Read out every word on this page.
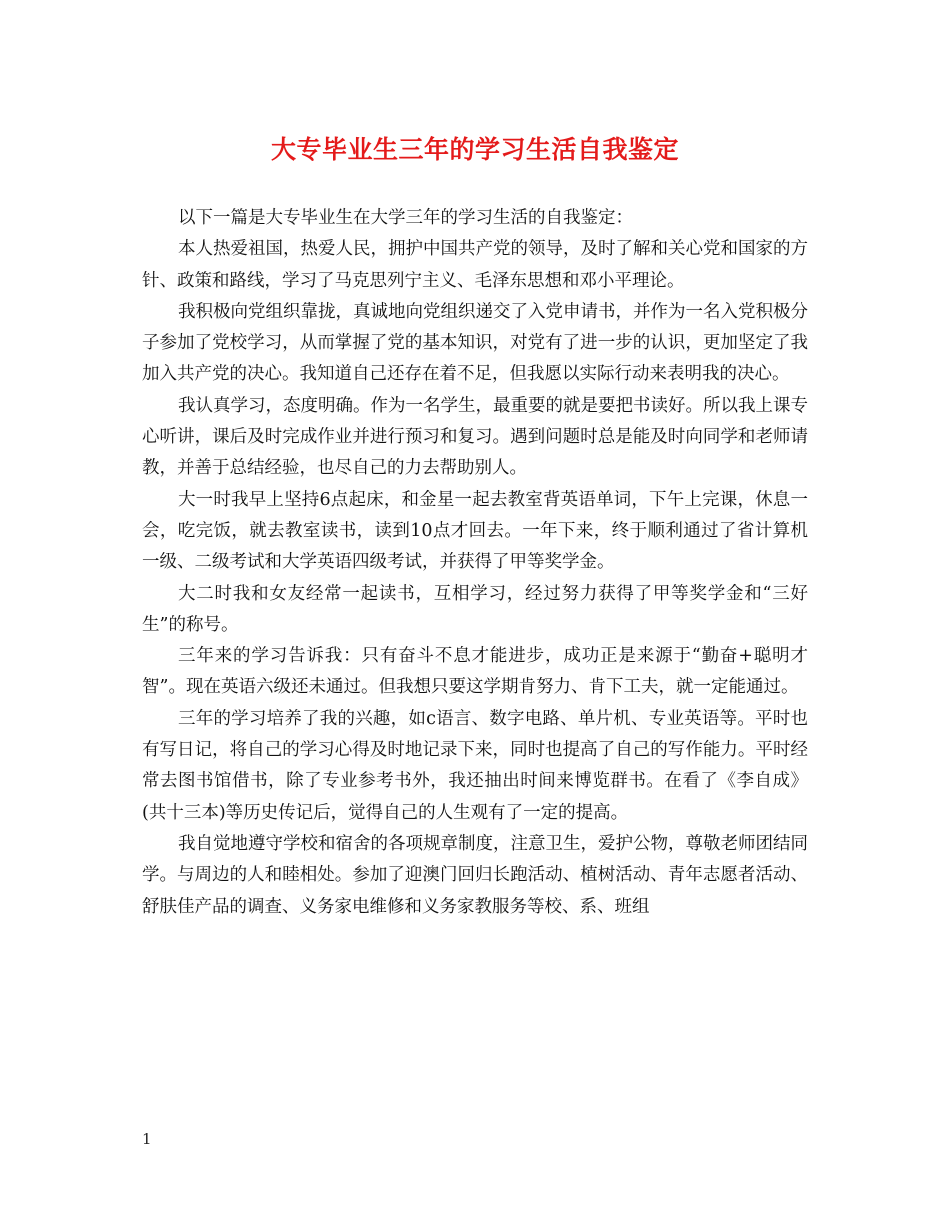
大专毕业生三年的学习生活自我鉴定

以下一篇是大专毕业生在大学三年的学习生活的自我鉴定：

本人热爱祖国，热爱人民，拥护中国共产党的领导，及时了解和关心党和国家的方针、政策和路线，学习了马克思列宁主义、毛泽东思想和邓小平理论。

我积极向党组织靠拢，真诚地向党组织递交了入党申请书，并作为一名入党积极分子参加了党校学习，从而掌握了党的基本知识，对党有了进一步的认识，更加坚定了我加入共产党的决心。我知道自己还存在着不足，但我愿以实际行动来表明我的决心。

我认真学习，态度明确。作为一名学生，最重要的就是要把书读好。所以我上课专心听讲，课后及时完成作业并进行预习和复习。遇到问题时总是能及时向同学和老师请教，并善于总结经验，也尽自己的力去帮助别人。

大一时我早上坚持6点起床，和金星一起去教室背英语单词，下午上完课，休息一会，吃完饭，就去教室读书，读到10点才回去。一年下来，终于顺利通过了省计算机一级、二级考试和大学英语四级考试，并获得了甲等奖学金。

大二时我和女友经常一起读书，互相学习，经过努力获得了甲等奖学金和“三好生”的称号。

三年来的学习告诉我：只有奋斗不息才能进步，成功正是来源于“勤奋+聪明才智”。现在英语六级还未通过。但我想只要这学期肯努力、肯下工夫，就一定能通过。

三年的学习培养了我的兴趣，如c语言、数字电路、单片机、专业英语等。平时也有写日记，将自己的学习心得及时地记录下来，同时也提高了自己的写作能力。平时经常去图书馆借书，除了专业参考书外，我还抽出时间来博览群书。在看了《李自成》(共十三本)等历史传记后，觉得自己的人生观有了一定的提高。

我自觉地遵守学校和宿舍的各项规章制度，注意卫生，爱护公物，尊敬老师团结同学。与周边的人和睦相处。参加了迎澳门回归长跑活动、植树活动、青年志愿者活动、舒肤佳产品的调查、义务家电维修和义务家教服务等校、系、班组

1
